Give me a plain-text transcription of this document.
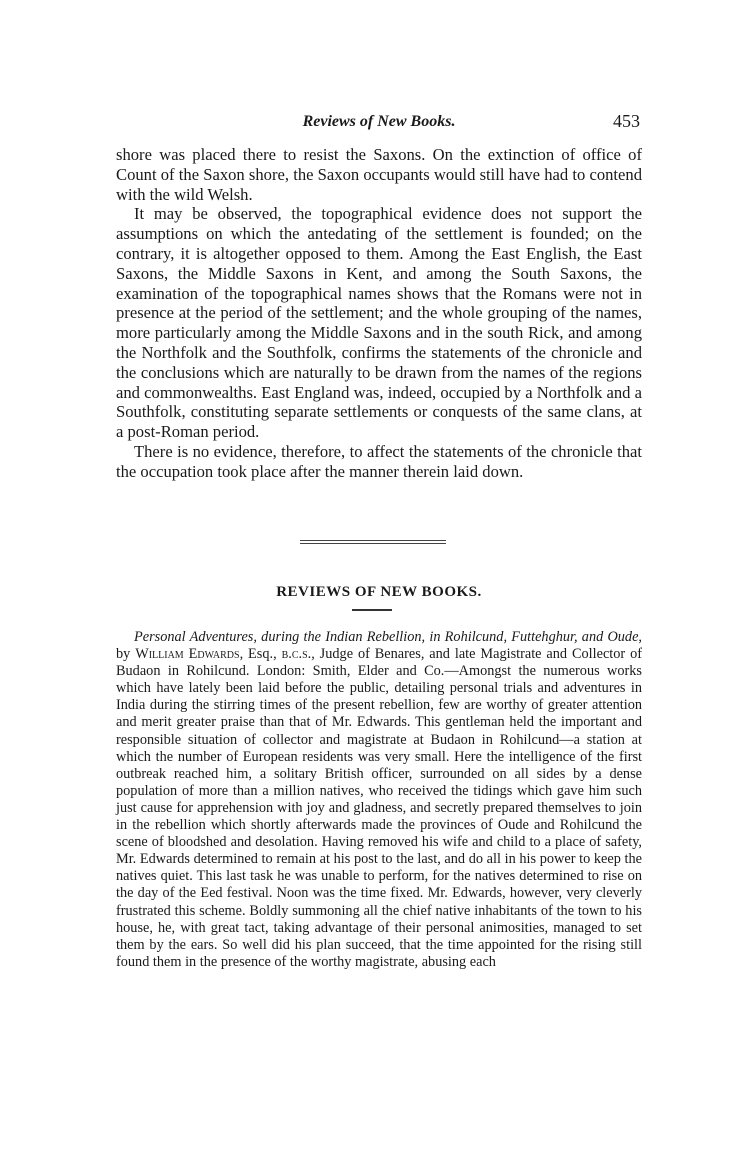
Reviews of New Books.	453

shore was placed there to resist the Saxons. On the extinction of office of Count of the Saxon shore, the Saxon occupants would still have had to contend with the wild Welsh.

It may be observed, the topographical evidence does not support the assumptions on which the antedating of the settlement is founded; on the contrary, it is altogether opposed to them. Among the East English, the East Saxons, the Middle Saxons in Kent, and among the South Saxons, the examination of the topographical names shows that the Romans were not in presence at the period of the settlement; and the whole grouping of the names, more particularly among the Middle Saxons and in the south Rick, and among the Northfolk and the Southfolk, confirms the statements of the chronicle and the conclusions which are naturally to be drawn from the names of the regions and commonwealths. East England was, indeed, occupied by a Northfolk and a Southfolk, constituting separate settlements or conquests of the same clans, at a post-Roman period.

There is no evidence, therefore, to affect the statements of the chronicle that the occupation took place after the manner therein laid down.

REVIEWS OF NEW BOOKS.
Personal Adventures, during the Indian Rebellion, in Rohilcund, Futtehghur, and Oude, by William Edwards, Esq., b.c.s., Judge of Benares, and late Magistrate and Collector of Budaon in Rohilcund. London: Smith, Elder and Co.—Amongst the numerous works which have lately been laid before the public, detailing personal trials and adventures in India during the stirring times of the present rebellion, few are worthy of greater attention and merit greater praise than that of Mr. Edwards. This gentleman held the important and responsible situation of collector and magistrate at Budaon in Rohilcund—a station at which the number of European residents was very small. Here the intelligence of the first outbreak reached him, a solitary British officer, surrounded on all sides by a dense population of more than a million natives, who received the tidings which gave him such just cause for apprehension with joy and gladness, and secretly prepared themselves to join in the rebellion which shortly afterwards made the provinces of Oude and Rohilcund the scene of bloodshed and desolation. Having removed his wife and child to a place of safety, Mr. Edwards determined to remain at his post to the last, and do all in his power to keep the natives quiet. This last task he was unable to perform, for the natives determined to rise on the day of the Eed festival. Noon was the time fixed. Mr. Edwards, however, very cleverly frustrated this scheme. Boldly summoning all the chief native inhabitants of the town to his house, he, with great tact, taking advantage of their personal animosities, managed to set them by the ears. So well did his plan succeed, that the time appointed for the rising still found them in the presence of the worthy magistrate, abusing each
